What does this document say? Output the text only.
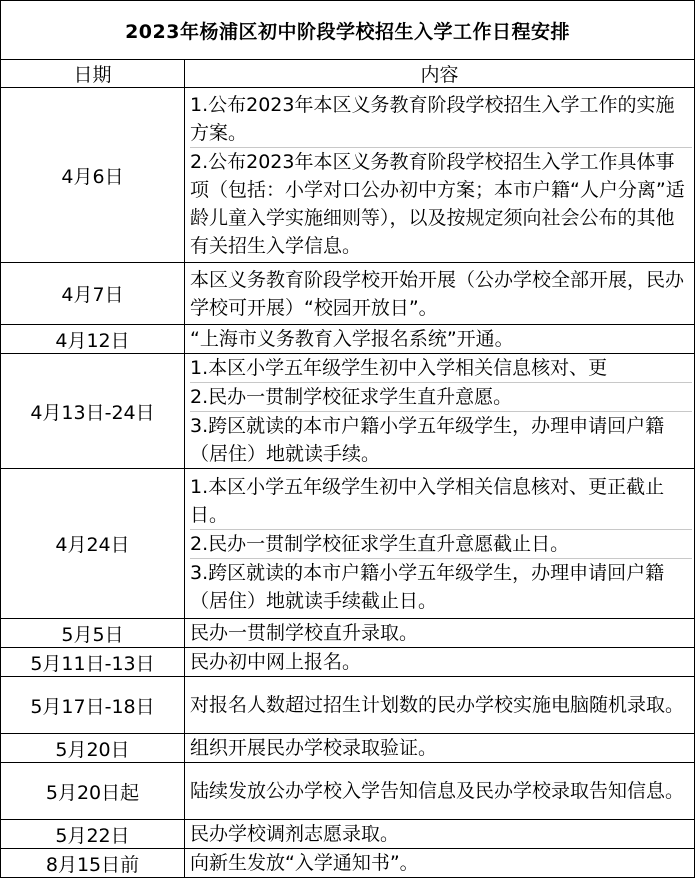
2023年杨浦区初中阶段学校招生入学工作日程安排	
日期	内容
4月6日	1.公布2023年本区义务教育阶段学校招生入学工作的实施方案。
2.公布2023年本区义务教育阶段学校招生入学工作具体事项（包括：小学对口公办初中方案；本市户籍“人户分离”适龄儿童入学实施细则等），以及按规定须向社会公布的其他有关招生入学信息。

4月7日	本区义务教育阶段学校开始开展（公办学校全部开展，民办学校可开展）“校园开放日”。

4月12日	“上海市义务教育入学报名系统”开通。

4月13日-24日	1.本区小学五年级学生初中入学相关信息核对、更
2.民办一贯制学校征求学生直升意愿。
3.跨区就读的本市户籍小学五年级学生，办理申请回户籍（居住）地就读手续。

4月24日	1.本区小学五年级学生初中入学相关信息核对、更正截止日。
2.民办一贯制学校征求学生直升意愿截止日。
3.跨区就读的本市户籍小学五年级学生，办理申请回户籍（居住）地就读手续截止日。

5月5日	民办一贯制学校直升录取。

5月11日-13日	民办初中网上报名。

5月17日-18日	对报名人数超过招生计划数的民办学校实施电脑随机录取。

5月20日	组织开展民办学校录取验证。

5月20日起	陆续发放公办学校入学告知信息及民办学校录取告知信息。

5月22日	民办学校调剂志愿录取。

8月15日前	向新生发放“入学通知书”。
